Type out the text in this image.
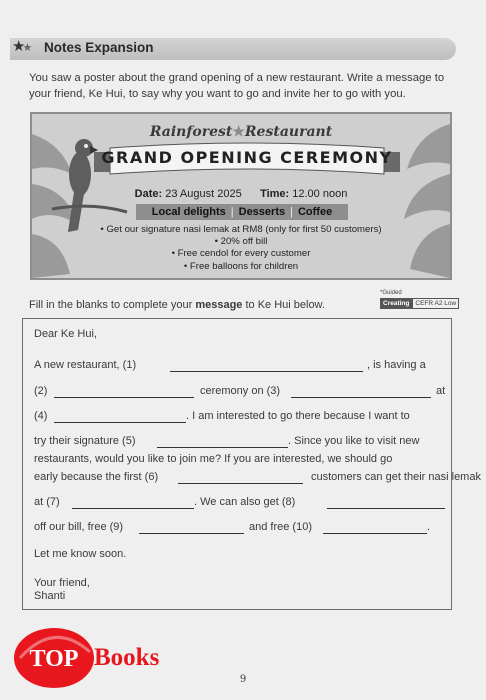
★★ Notes Expansion
You saw a poster about the grand opening of a new restaurant. Write a message to your friend, Ke Hui, to say why you want to go and invite her to go with you.
Rainforest★Restaurant
GRAND OPENING CEREMONY
Date: 23 August 2025 Time: 12.00 noon
Local delights | Desserts | Coffee
• Get our signature nasi lemak at RM8 (only for first 50 customers)
• 20% off bill
• Free cendol for every customer
• Free balloons for children
Fill in the blanks to complete your message to Ke Hui below.
*Guided
Creating CEFR A2 Low
Dear Ke Hui,
A new restaurant, (1)	, is having a
(2)	ceremony on (3)	at
(4)	. I am interested to go there because I want to
try their signature (5)	. Since you like to visit new
restaurants, would you like to join me? If you are interested, we should go
early because the first (6)	customers can get their nasi lemak
at (7)	. We can also get (8)
off our bill, free (9)	and free (10)	.
Let me know soon.
Your friend,
Shanti
TOP Books
9
